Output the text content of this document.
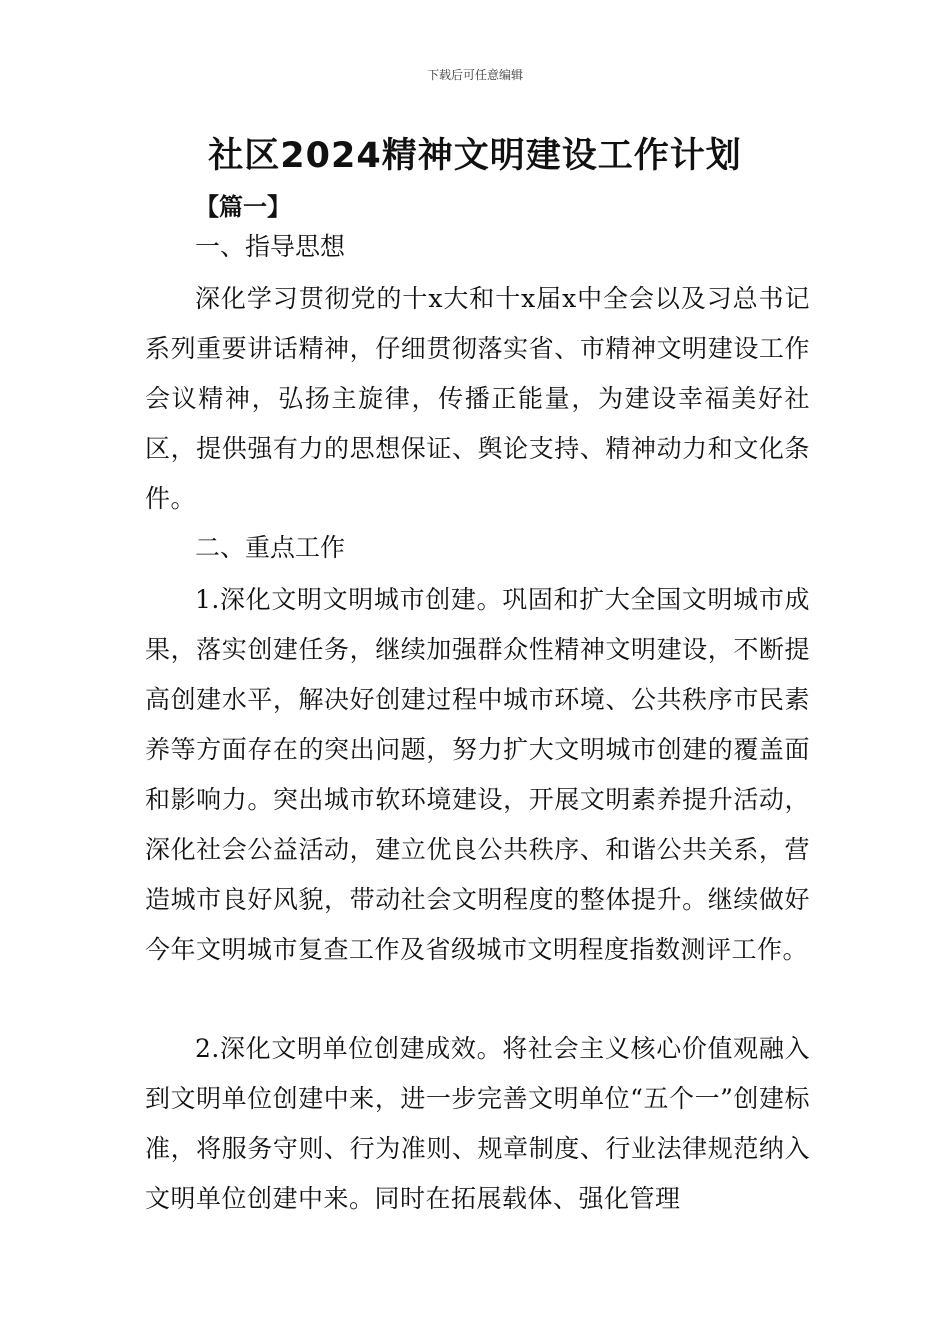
下载后可任意编辑
社区2024精神文明建设工作计划
【篇一】
一、指导思想

深化学习贯彻党的十x大和十x届x中全会以及习总书记系列重要讲话精神，仔细贯彻落实省、市精神文明建设工作会议精神，弘扬主旋律，传播正能量，为建设幸福美好社区，提供强有力的思想保证、舆论支持、精神动力和文化条件。

二、重点工作

1.深化文明文明城市创建。巩固和扩大全国文明城市成果，落实创建任务，继续加强群众性精神文明建设，不断提高创建水平，解决好创建过程中城市环境、公共秩序市民素养等方面存在的突出问题，努力扩大文明城市创建的覆盖面和影响力。突出城市软环境建设，开展文明素养提升活动，深化社会公益活动，建立优良公共秩序、和谐公共关系，营造城市良好风貌，带动社会文明程度的整体提升。继续做好今年文明城市复查工作及省级城市文明程度指数测评工作。

2.深化文明单位创建成效。将社会主义核心价值观融入到文明单位创建中来，进一步完善文明单位“五个一”创建标准，将服务守则、行为准则、规章制度、行业法律规范纳入文明单位创建中来。同时在拓展载体、强化管理
